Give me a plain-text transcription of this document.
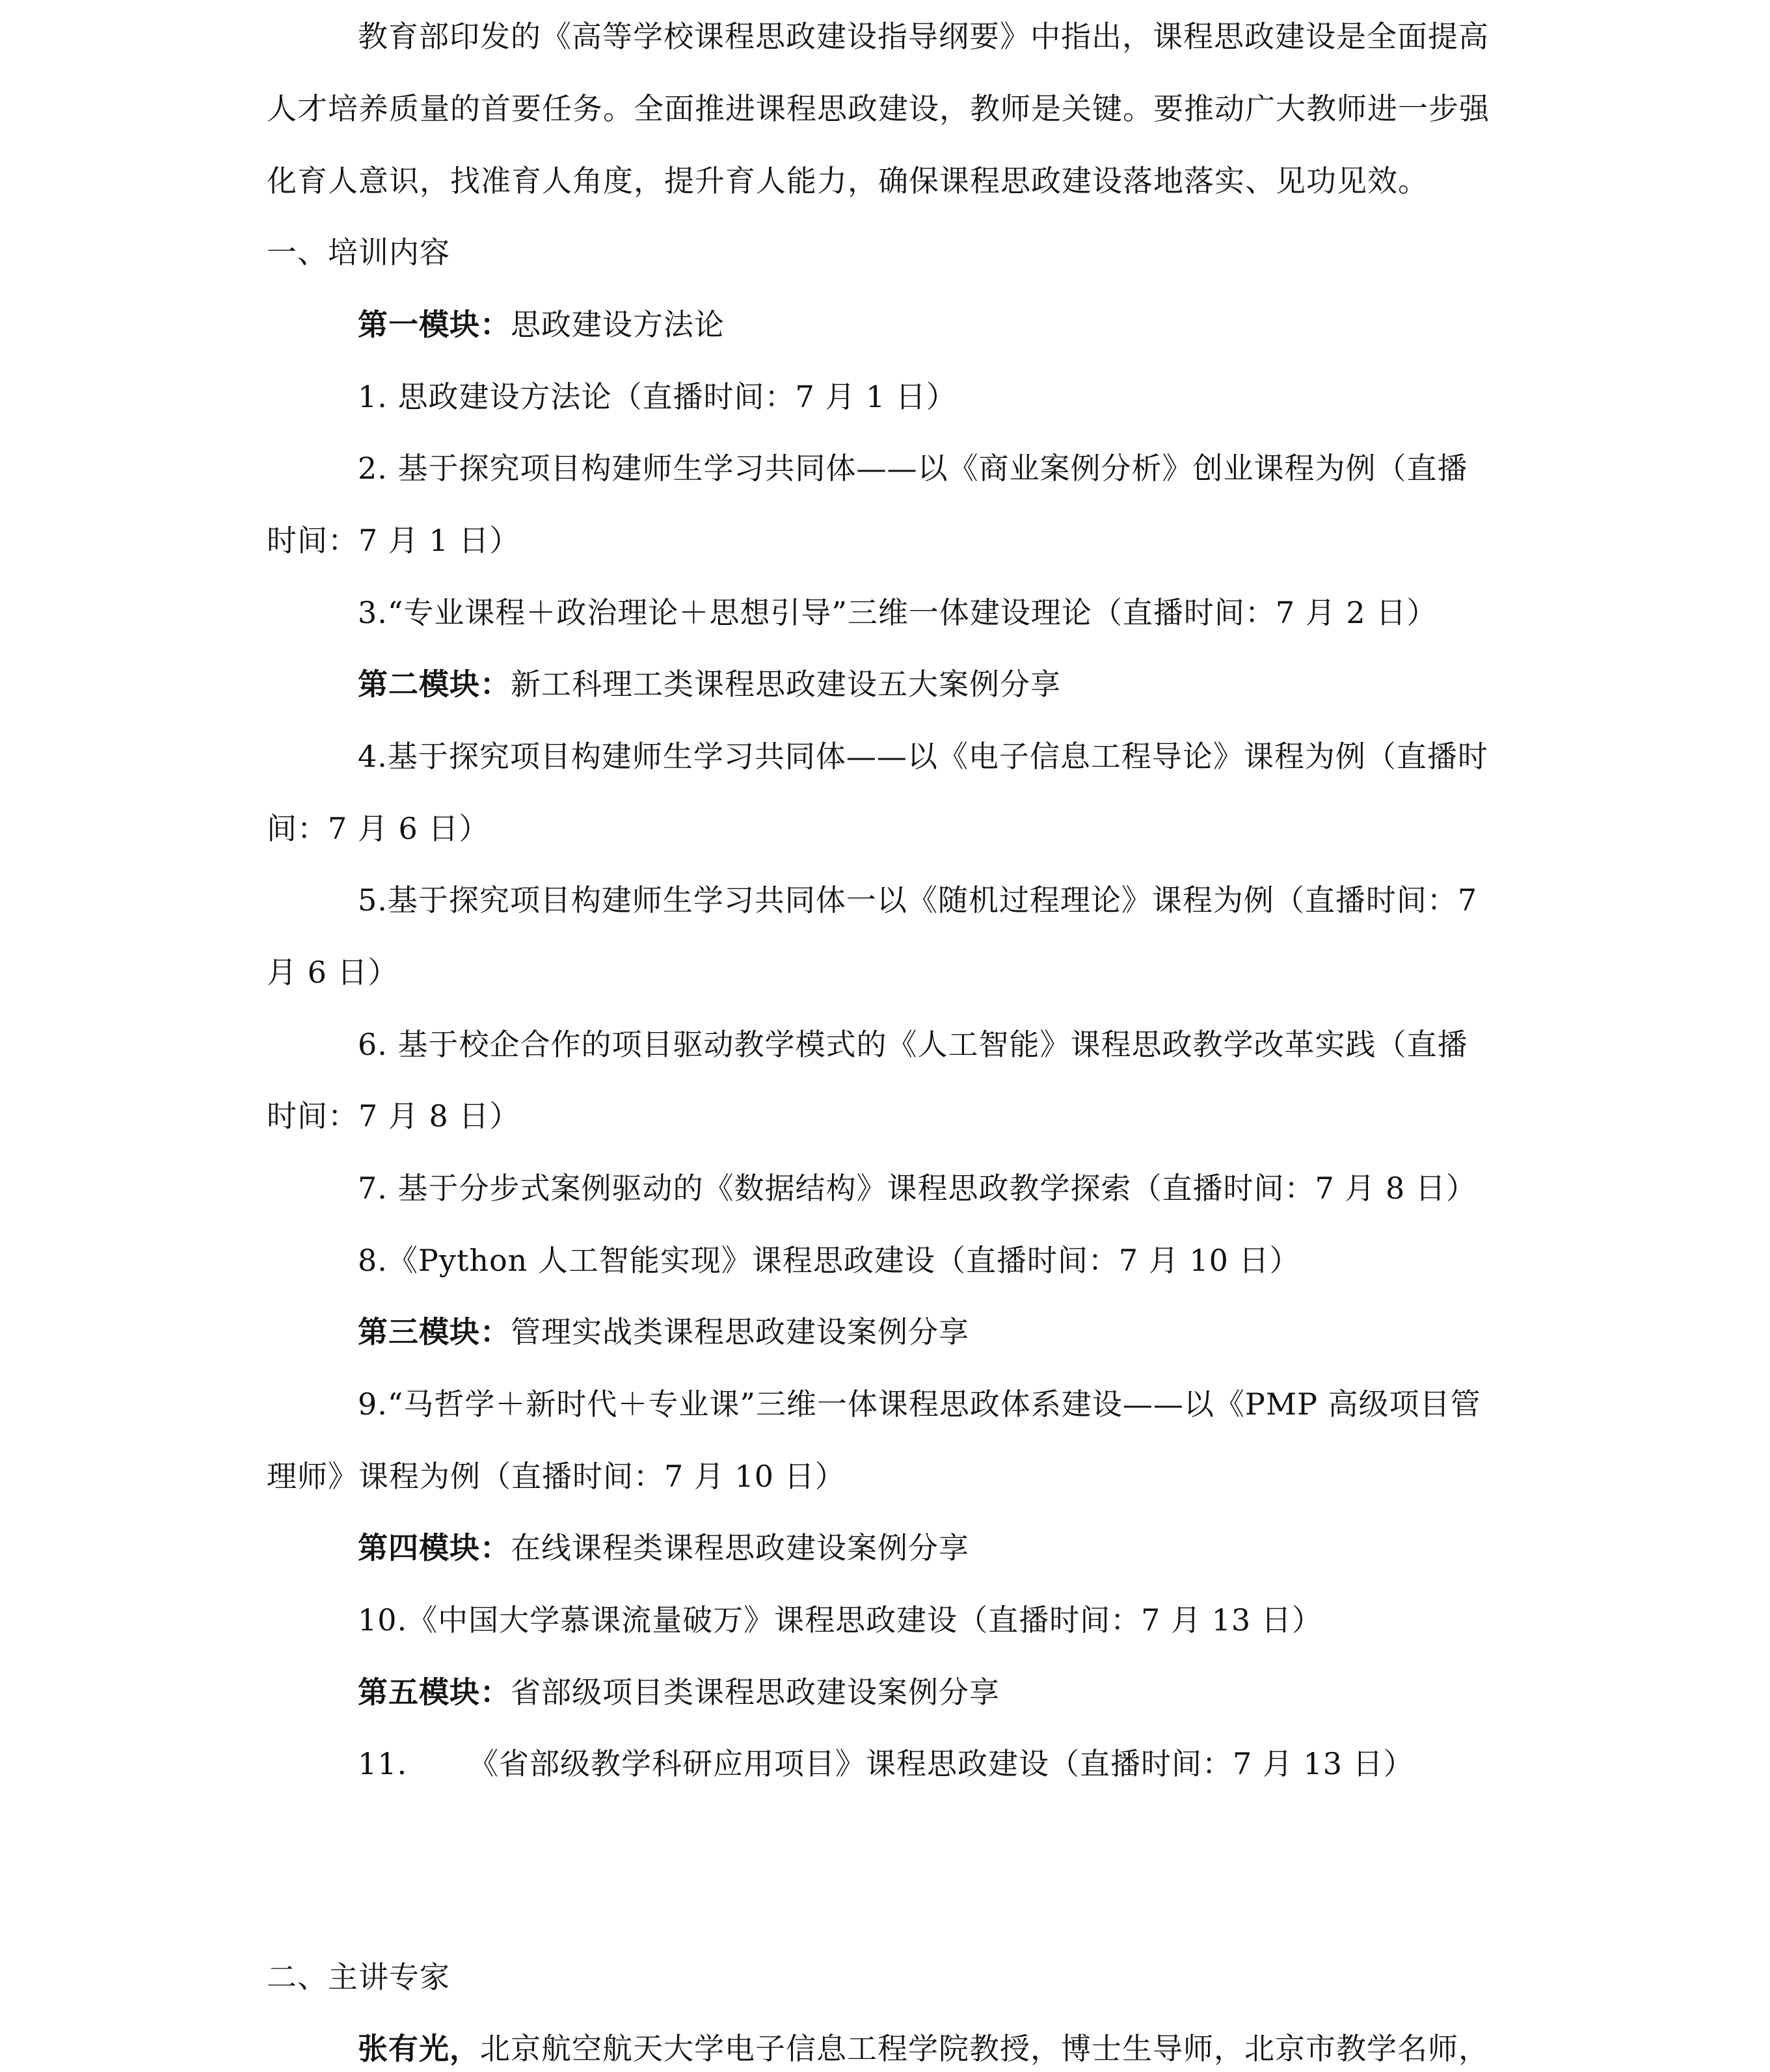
教育部印发的《高等学校课程思政建设指导纲要》中指出，课程思政建设是全面提高
人才培养质量的首要任务。全面推进课程思政建设，教师是关键。要推动广大教师进一步强
化育人意识，找准育人角度，提升育人能力，确保课程思政建设落地落实、见功见效。
一、培训内容
第一模块：思政建设方法论
1. 思政建设方法论（直播时间：7 月 1 日）
2. 基于探究项目构建师生学习共同体——以《商业案例分析》创业课程为例（直播
时间：7 月 1 日）
3.“专业课程＋政治理论＋思想引导”三维一体建设理论（直播时间：7 月 2 日）
第二模块：新工科理工类课程思政建设五大案例分享
4.基于探究项目构建师生学习共同体——以《电子信息工程导论》课程为例（直播时
间：7 月 6 日）
5.基于探究项目构建师生学习共同体一以《随机过程理论》课程为例（直播时间：7
月 6 日）
6. 基于校企合作的项目驱动教学模式的《人工智能》课程思政教学改革实践（直播
时间：7 月 8 日）
7. 基于分步式案例驱动的《数据结构》课程思政教学探索（直播时间：7 月 8 日）
8.《Python 人工智能实现》课程思政建设（直播时间：7 月 10 日）
第三模块：管理实战类课程思政建设案例分享
9.“马哲学＋新时代＋专业课”三维一体课程思政体系建设——以《PMP 高级项目管
理师》课程为例（直播时间：7 月 10 日）
第四模块：在线课程类课程思政建设案例分享
10.《中国大学慕课流量破万》课程思政建设（直播时间：7 月 13 日）
第五模块：省部级项目类课程思政建设案例分享
11. 《省部级教学科研应用项目》课程思政建设（直播时间：7 月 13 日）
二、主讲专家
张有光，北京航空航天大学电子信息工程学院教授，博士生导师，北京市教学名师，
